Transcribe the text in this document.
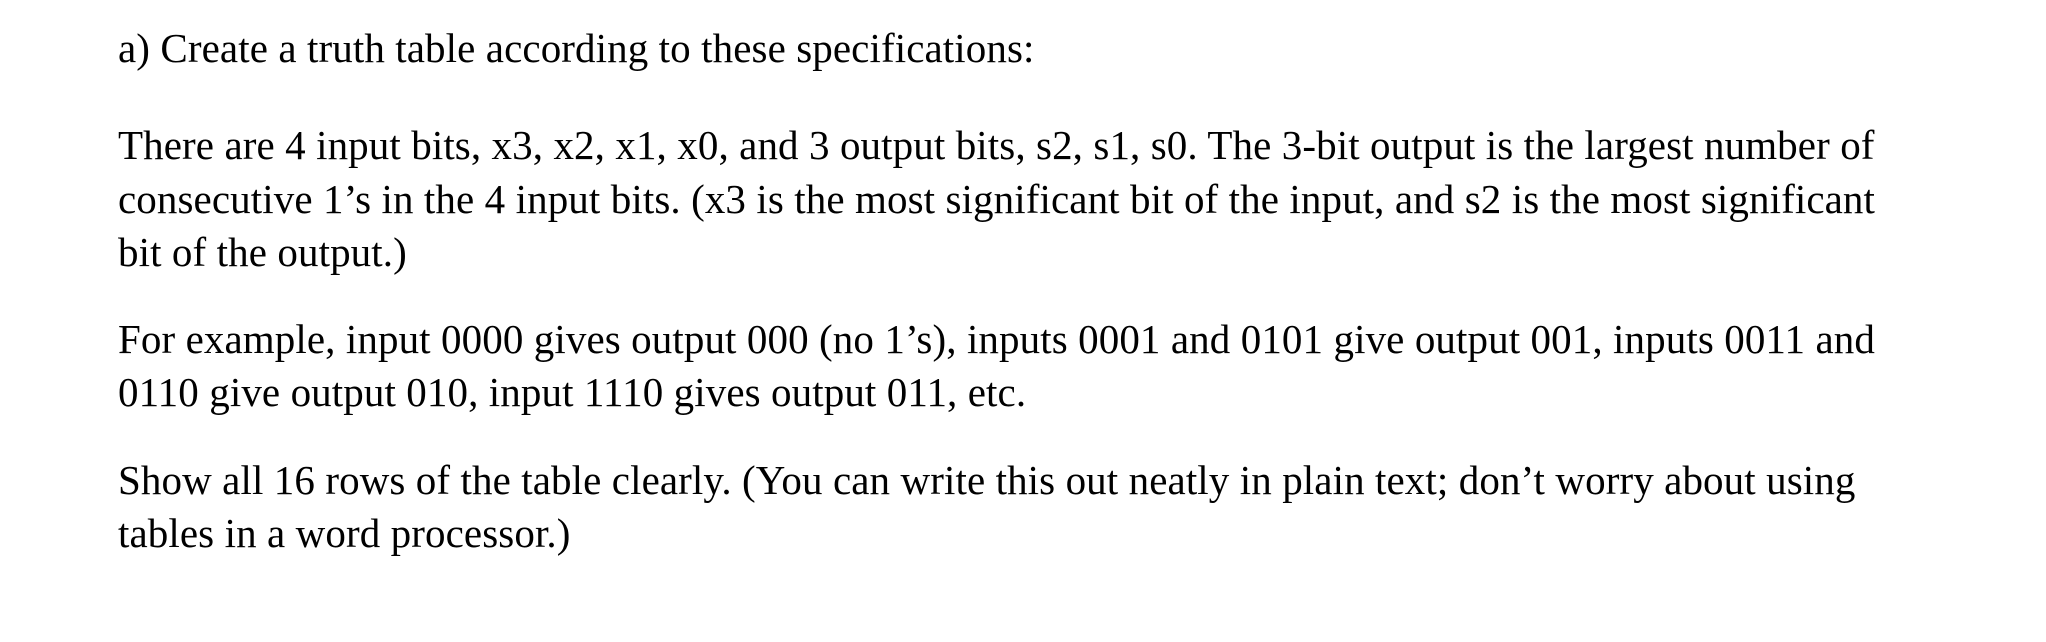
a) Create a truth table according to these specifications:

There are 4 input bits, x3, x2, x1, x0, and 3 output bits, s2, s1, s0. The 3-bit output is the largest number of consecutive 1’s in the 4 input bits. (x3 is the most significant bit of the input, and s2 is the most significant bit of the output.)

For example, input 0000 gives output 000 (no 1’s), inputs 0001 and 0101 give output 001, inputs 0011 and 0110 give output 010, input 1110 gives output 011, etc.

Show all 16 rows of the table clearly. (You can write this out neatly in plain text; don’t worry about using tables in a word processor.)
